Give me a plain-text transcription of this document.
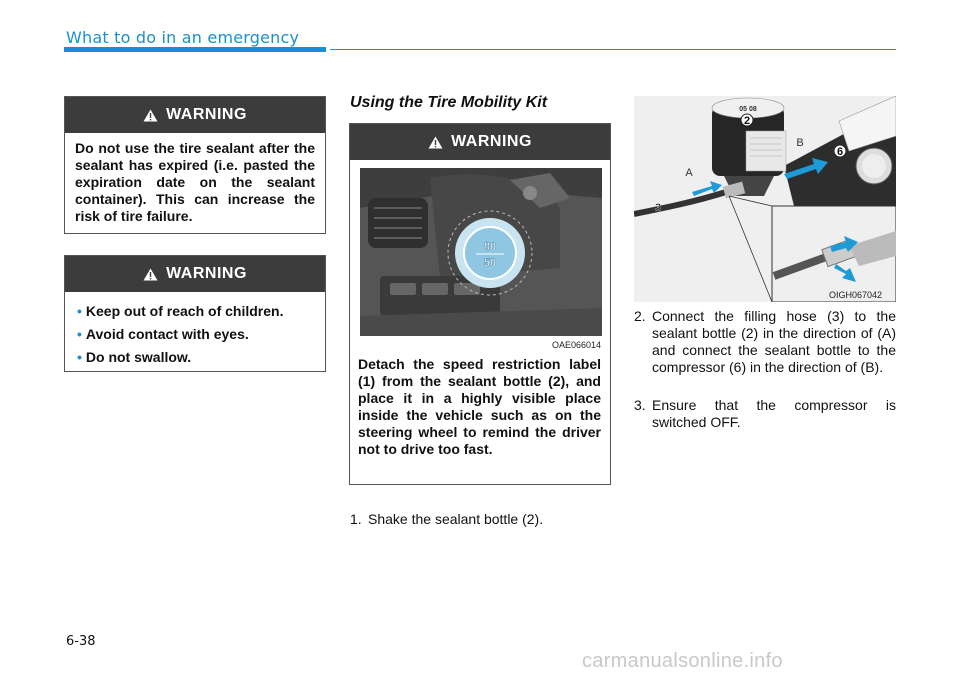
What to do in an emergency
WARNING
Do not use the tire sealant after the sealant has expired (i.e. pasted the expiration date on the sealant container). This can increase the risk of tire failure.
WARNING
• Keep out of reach of children.
• Avoid contact with eyes.
• Do not swallow.
Using the Tire Mobility Kit
WARNING
80
50
OAE066014
Detach the speed restriction label (1) from the sealant bottle (2), and place it in a highly visible place inside the vehicle such as on the steering wheel to remind the driver not to drive too fast.
05 08
2
6
3
A
B
OIGH067042
1. Shake the sealant bottle (2).
2. Connect the filling hose (3) to the sealant bottle (2) in the direction of (A) and connect the sealant bottle to the compressor (6) in the direction of (B).
3. Ensure that the compressor is switched OFF.
6-38
carmanualsonline.info
